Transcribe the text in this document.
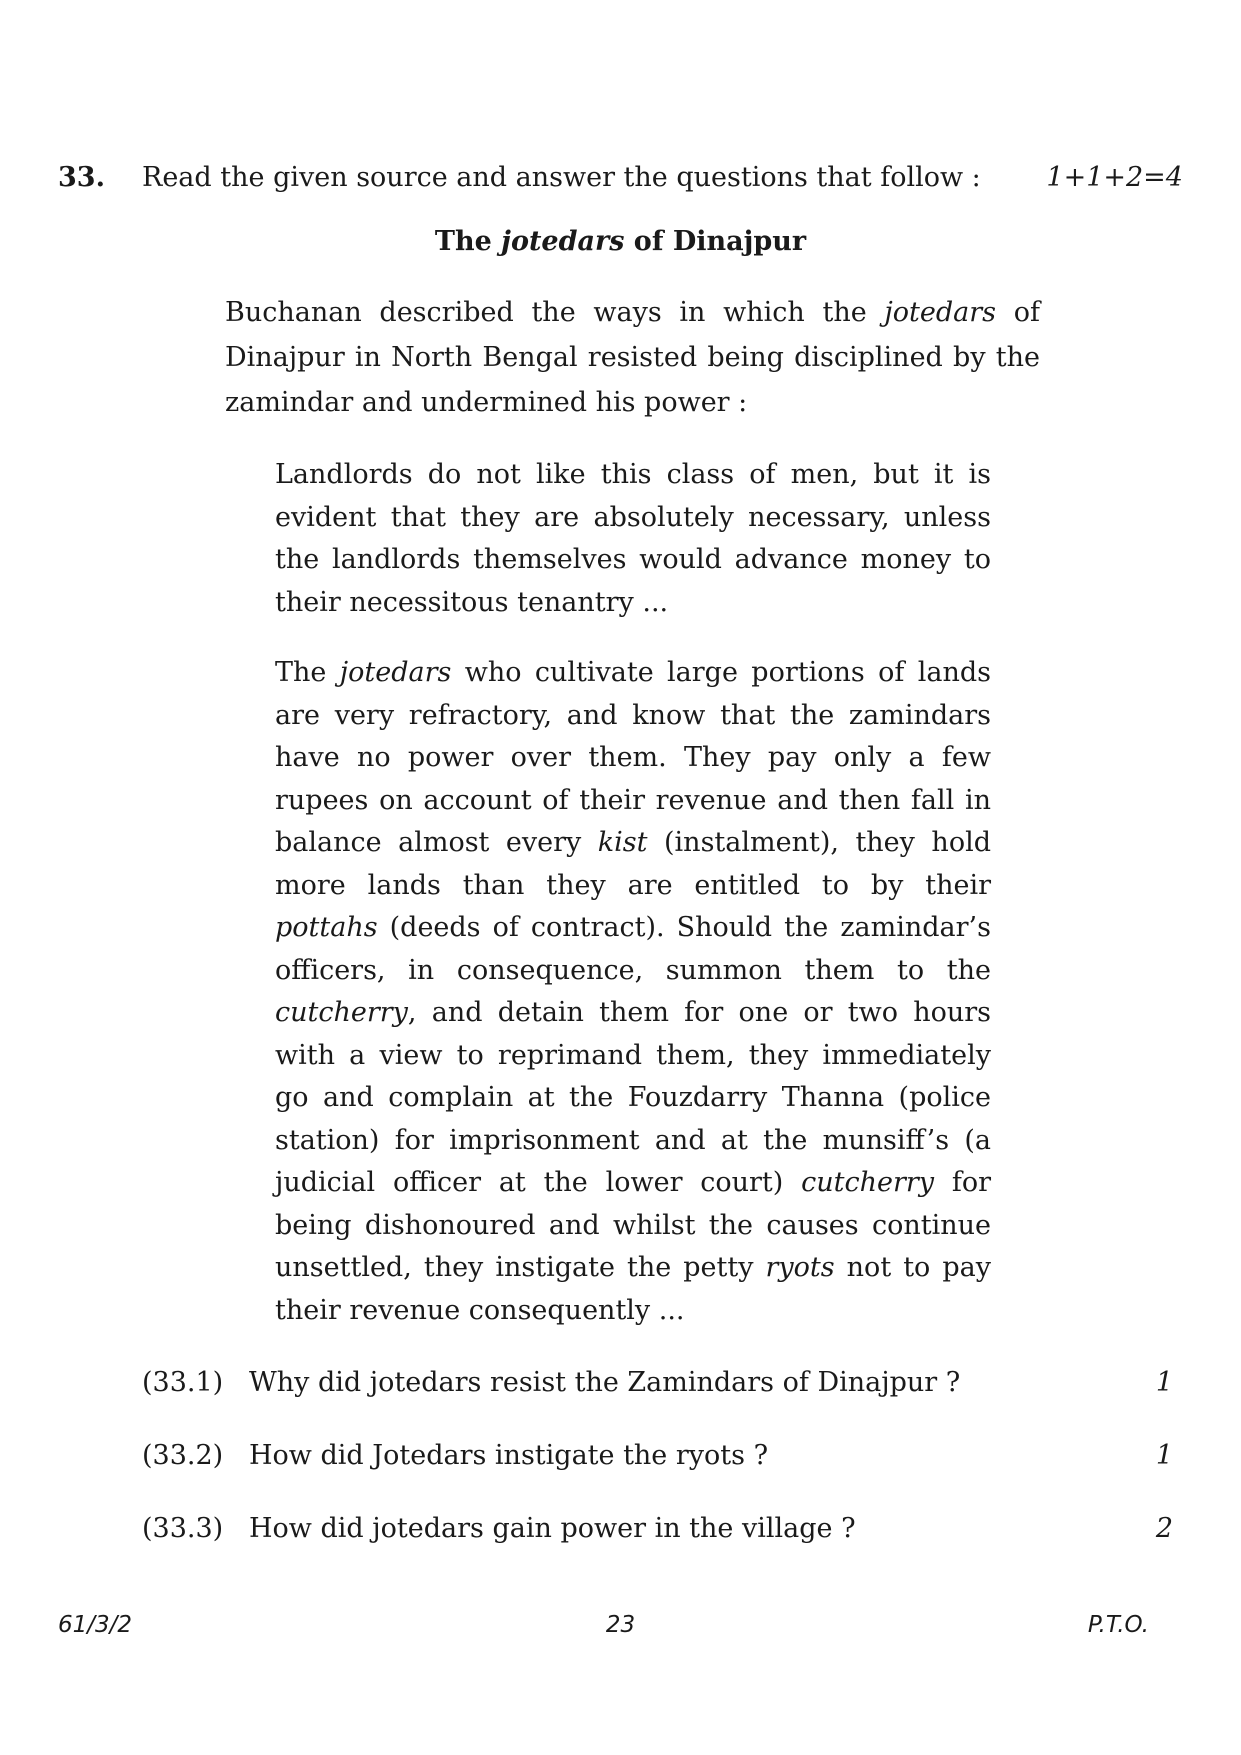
33. Read the given source and answer the questions that follow : 1+1+2=4
The jotedars of Dinajpur
Buchanan described the ways in which the jotedars of Dinajpur in North Bengal resisted being disciplined by the zamindar and undermined his power :
Landlords do not like this class of men, but it is evident that they are absolutely necessary, unless the landlords themselves would advance money to their necessitous tenantry ...
The jotedars who cultivate large portions of lands are very refractory, and know that the zamindars have no power over them. They pay only a few rupees on account of their revenue and then fall in balance almost every kist (instalment), they hold more lands than they are entitled to by their pottahs (deeds of contract). Should the zamindar’s officers, in consequence, summon them to the cutcherry, and detain them for one or two hours with a view to reprimand them, they immediately go and complain at the Fouzdarry Thanna (police station) for imprisonment and at the munsiff’s (a judicial officer at the lower court) cutcherry for being dishonoured and whilst the causes continue unsettled, they instigate the petty ryots not to pay their revenue consequently ...
(33.1) Why did jotedars resist the Zamindars of Dinajpur ?	1
(33.2) How did Jotedars instigate the ryots ?	1
(33.3) How did jotedars gain power in the village ?	2
61/3/2	23	P.T.O.
